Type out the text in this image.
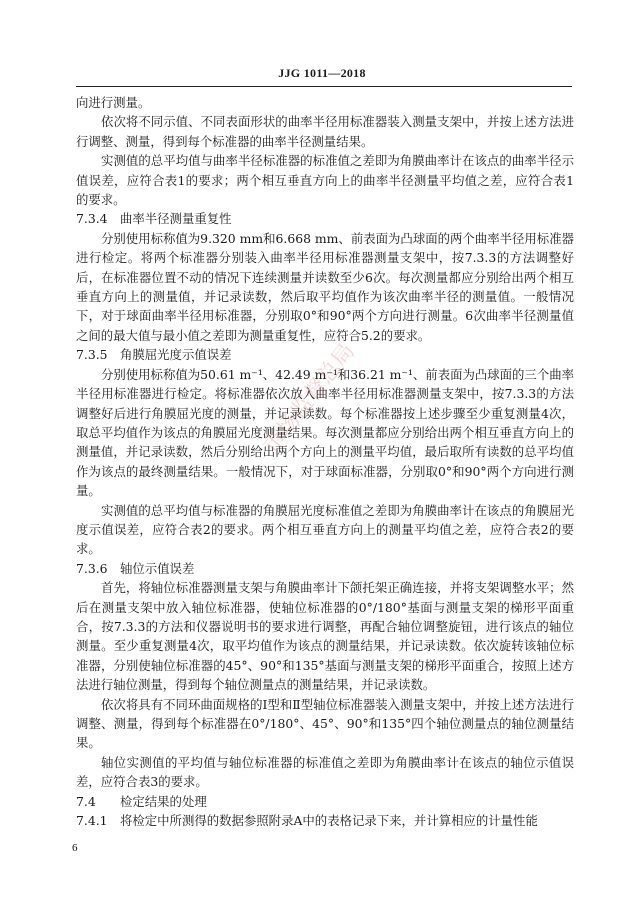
JJG 1011—2018

向进行测量。

依次将不同示值、不同表面形状的曲率半径用标准器装入测量支架中，并按上述方法进行调整、测量，得到每个标准器的曲率半径测量结果。

实测值的总平均值与曲率半径标准器的标准值之差即为角膜曲率计在该点的曲率半径示值误差，应符合表1的要求；两个相互垂直方向上的曲率半径测量平均值之差，应符合表1的要求。

7.3.4 曲率半径测量重复性

分别使用标称值为9.320 mm和6.668 mm、前表面为凸球面的两个曲率半径用标准器进行检定。将两个标准器分别装入曲率半径用标准器测量支架中，按7.3.3的方法调整好后，在标准器位置不动的情况下连续测量并读数至少6次。每次测量都应分别给出两个相互垂直方向上的测量值，并记录读数，然后取平均值作为该次曲率半径的测量值。一般情况下，对于球面曲率半径用标准器，分别取0°和90°两个方向进行测量。6次曲率半径测量值之间的最大值与最小值之差即为测量重复性，应符合5.2的要求。

7.3.5 角膜屈光度示值误差

分别使用标称值为50.61 m⁻¹、42.49 m⁻¹和36.21 m⁻¹、前表面为凸球面的三个曲率半径用标准器进行检定。将标准器依次放入曲率半径用标准器测量支架中，按7.3.3的方法调整好后进行角膜屈光度的测量，并记录读数。每个标准器按上述步骤至少重复测量4次，取总平均值作为该点的角膜屈光度测量结果。每次测量都应分别给出两个相互垂直方向上的测量值，并记录读数，然后分别给出两个方向上的测量平均值，最后取所有读数的总平均值作为该点的最终测量结果。一般情况下，对于球面标准器，分别取0°和90°两个方向进行测量。

实测值的总平均值与标准器的角膜屈光度标准值之差即为角膜曲率计在该点的角膜屈光度示值误差，应符合表2的要求。两个相互垂直方向上的测量平均值之差，应符合表2的要求。

7.3.6 轴位示值误差

首先，将轴位标准器测量支架与角膜曲率计下颌托架正确连接，并将支架调整水平；然后在测量支架中放入轴位标准器，使轴位标准器的0°/180°基面与测量支架的梯形平面重合，按7.3.3的方法和仪器说明书的要求进行调整，再配合轴位调整旋钮，进行该点的轴位测量。至少重复测量4次，取平均值作为该点的测量结果，并记录读数。依次旋转该轴位标准器，分别使轴位标准器的45°、90°和135°基面与测量支架的梯形平面重合，按照上述方法进行轴位测量，得到每个轴位测量点的测量结果，并记录读数。

依次将具有不同环曲面规格的Ⅰ型和Ⅱ型轴位标准器装入测量支架中，并按上述方法进行调整、测量，得到每个标准器在0°/180°、45°、90°和135°四个轴位测量点的轴位测量结果。

轴位实测值的平均值与轴位标准器的标准值之差即为角膜曲率计在该点的轴位示值误差，应符合表3的要求。

7.4 检定结果的处理

7.4.1 将检定中所测得的数据参照附录A中的表格记录下来，并计算相应的计量性能

市场监督总局
6
